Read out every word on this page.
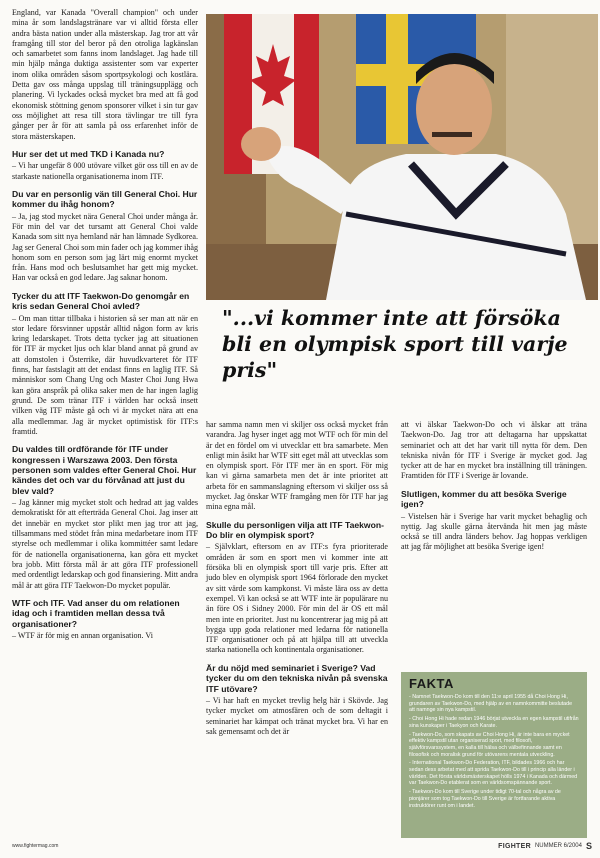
England, var Kanada "Overall champion" och under mina år som landslagstränare var vi alltid första eller andra bästa nation under alla mästerskap. Jag tror att vår framgång till stor del beror på den otroliga lagkänslan och samarbetet som fanns inom landslaget. Jag hade till min hjälp många duktiga assistenter som var experter inom olika områden såsom sportpsykologi och kostlära. Detta gav oss många uppslag till träningsupplägg och planering. Vi lyckades också mycket bra med att få god ekonomisk stöttning genom sponsorer vilket i sin tur gav oss möjlighet att resa till stora tävlingar tre till fyra gånger per år för att samla på oss erfarenhet inför de stora mästerskapen.

Hur ser det ut med TKD i Kanada nu?

– Vi har ungefär 8 000 utövare vilket gör oss till en av de starkaste nationella organisationerna inom ITF.

Du var en personlig vän till General Choi. Hur kommer du ihåg honom?

– Ja, jag stod mycket nära General Choi under många år. För min del var det tursamt att General Choi valde Kanada som sitt nya hemland när han lämnade Sydkorea. Jag ser General Choi som min fader och jag kommer ihåg honom som en person som jag lärt mig enormt mycket från. Hans mod och beslutsamhet har gett mig mycket. Han var också en god ledare. Jag saknar honom.

Tycker du att ITF Taekwon-Do genomgår en kris sedan General Choi avled?

– Om man tittar tillbaka i historien så ser man att när en stor ledare försvinner uppstår alltid någon form av kris kring ledarskapet. Trots detta tycker jag att situationen för ITF är mycket ljus och klar bland annat på grund av att domstolen i Österrike, där huvudkvarteret för ITF finns, har fastslagit att det endast finns en laglig ITF. Så människor som Chang Ung och Master Choi Jung Hwa kan göra anspråk på olika saker men de har ingen laglig grund. De som tränar ITF i världen har också insett vilken väg ITF måste gå och vi är mycket nära att ena alla medlemmar. Jag är mycket optimistisk för ITF:s framtid.

Du valdes till ordförande för ITF under kongressen i Warszawa 2003. Den första personen som valdes efter General Choi. Hur kändes det och var du förvånad att just du blev vald?

– Jag känner mig mycket stolt och hedrad att jag valdes demokratiskt för att efterträda General Choi. Jag inser att det innebär en mycket stor plikt men jag tror att jag, tillsammans med stödet från mina medarbetare inom ITF styrelse och medlemmar i olika kommittéer samt ledare för de nationella organisationerna, kan göra ett mycket bra jobb. Mitt första mål är att göra ITF professionell med ordentligt ledarskap och god finansiering. Mitt andra mål är att göra ITF Taekwon-Do mycket populär.

WTF och ITF. Vad anser du om relationen idag och i framtiden mellan dessa två organisationer?

– WTF är för mig en annan organisation. Vi

"...vi kommer inte att försöka bli en olympisk sport till varje pris"

har samma namn men vi skiljer oss också mycket från varandra. Jag hyser inget agg mot WTF och för min del är det en fördel om vi utvecklar ett bra samarbete. Men enligt min åsikt har WTF sitt eget mål att utvecklas som en olympisk sport. För ITF mer än en sport. För mig kan vi gärna samarbeta men det är inte prioritet att arbeta för en sammanslagning eftersom vi skiljer oss så mycket. Jag önskar WTF framgång men för ITF har jag mina egna mål.

Skulle du personligen vilja att ITF Taekwon-Do blir en olympisk sport?

– Självklart, eftersom en av ITF:s fyra prioriterade områden är som en sport men vi kommer inte att försöka bli en olympisk sport till varje pris. Efter att judo blev en olympisk sport 1964 förlorade den mycket av sitt värde som kampkonst. Vi måste lära oss av detta exempel. Vi kan också se att WTF inte är populärare nu än före OS i Sidney 2000. För min del är OS ett mål men inte en prioritet. Just nu koncentrerar jag mig på att bygga upp goda relationer med ledarna för nationella ITF organisationer och på att hjälpa till att utveckla starka nationella och kontinentala organisationer.

Är du nöjd med seminariet i Sverige? Vad tycker du om den tekniska nivån på svenska ITF utövare?

– Vi har haft en mycket trevlig helg här i Skövde. Jag tycker mycket om atmosfären och de som deltagit i seminariet har kämpat och tränat mycket bra. Vi har en sak gemensamt och det är

att vi älskar Taekwon-Do och vi älskar att träna Taekwon-Do. Jag tror att deltagarna har uppskattat seminariet och att det har varit till nytta för dem. Den tekniska nivån för ITF i Sverige är mycket god. Jag tycker att de har en mycket bra inställning till träningen. Framtiden för ITF i Sverige är lovande.

Slutligen, kommer du att besöka Sverige igen?

– Vistelsen här i Sverige har varit mycket behaglig och nyttig. Jag skulle gärna återvända hit men jag måste också se till andra länders behov. Jag hoppas verkligen att jag får möjlighet att besöka Sverige igen!

FAKTA
- Namnet Taekwon-Do kom till den 11:e april 1955 då Choi Hong Hi, grundaren av Taekwon-Do, med hjälp av en namnkommitte beslutade att namnge sin nya kampstil.
- Choi Hong Hi hade redan 1946 börjat utveckla en egen kampstil utifrån sina kunskaper i Taekyon och Karate.
- Taekwon-Do, som skapats av Choi Hong Hi, är inte bara en mycket effektiv kampstil utan organiserad sport, med filosofi, självförsvarssystem, en kalla till hälsa och välbefinnande samt en filosofisk och moralisk grund för utövarens mentala utveckling.
- International Taekwon-Do Federation, ITF, bildades 1966 och har sedan dess arbetat med att sprida Taekwon-Do till i princip alla länder i världen. Det första världsmästerskapet hölls 1974 i Kanada och därmed var Taekwon-Do etablerat som en världsomspännande sport.
- Taekwon-Do kom till Sverige under tidigt 70-tal och några av de pionjärer som tog Taekwon-Do till Sverige är fortfarande aktiva instruktörer runt om i landet.
www.fightermag.com	FIGHTER NUMMER 6/2004 S
